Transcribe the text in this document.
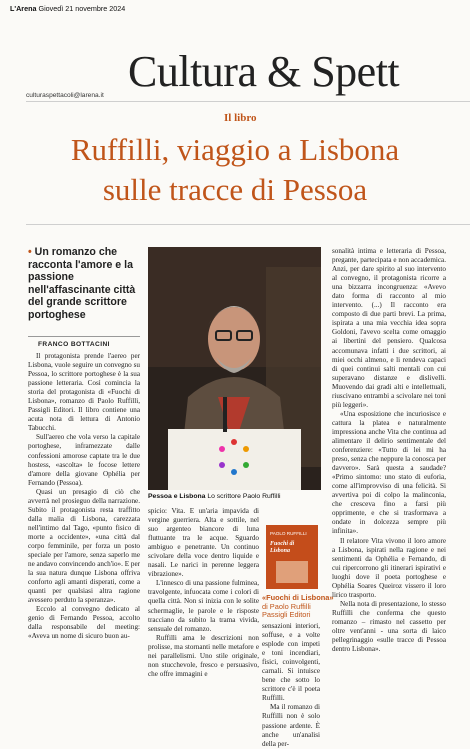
L'Arena Giovedì 21 novembre 2024
Cultura & Spett
culturaspettacoli@larena.it
Il libro
Ruffilli, viaggio a Lisbona
sulle tracce di Pessoa
• Un romanzo che racconta l'amore e la passione nell'affascinante città del grande scrittore portoghese
FRANCO BOTTACINI

Il protagonista prende l'aereo per Lisbona, vuole seguire un convegno su Pessoa, lo scrittore portoghese è la sua passione letteraria. Così comincia la storia del protagonista di «Fuochi di Lisbona», romanzo di Paolo Ruffilli, Passigli Editori. Il libro contiene una acuta nota di lettura di Antonio Tabucchi.

Sull'aereo che vola verso la capitale portoghese, inframezzate dalle confessioni amorose captate tra le due hostess, «ascolta» le focose lettere d'amore della giovane Ophélia per Fernando (Pessoa).

Quasi un presagio di ciò che avverrà nel prosieguo della narrazione. Subito il protagonista resta traffitto dalla malia di Lisbona, carezzata nell'intimo dal Tago, «punto fisico di morte a occidente», «una città dal corpo femminile, per forza un posto speciale per l'amore, senza saperlo me ne andavo convincendo anch'io». E per la sua natura dunque Lisbona offriva conforto agli amanti disperati, come a quanti per qualsiasi altra ragione avessero perduto la speranza».

Eccolo al convegno dedicato al genio di Fernando Pessoa, accolto dalla responsabile del meeting: «Aveva un nome di sicuro buon au-

Pessoa e Lisbona Lo scrittore Paolo Ruffilli

spicio: Vita. E un'aria impavida di vergine guerriera. Alta e sottile, nel suo argenteo biancore di luna fluttuante tra le acque. Sguardo ambiguo e penetrante. Un continuo scivolare della voce dentro liquide e nasali. Le narici in perenne leggera vibrazione».

L'innesco di una passione fulminea, travolgente, infuocata come i colori di quella città. Non si inizia con le solite schermaglie, le parole e le risposte tracciano da subito la trama vivida, sensuale del romanzo.

Ruffilli ama le descrizioni non prolisse, ma stornanti nelle metafore e nei parallelismi. Uno stile originale, non stucchevole, fresco e persuasivo, che offre immagini e

PAOLO RUFFILLI
Fuochi di Lisbona
«Fuochi di Lisbona»
di Paolo Ruffilli
Passigli Editori

sensazioni interiori, soffuse, e a volte esplode con impeti e toni incendiari, fisici, coinvolgenti, carnali. Si intuisce bene che sotto lo scrittore c'è il poeta Ruffilli.

Ma il romanzo di Ruffilli non è solo passione ardente. È anche un'analisi della per-

sonalità intima e letteraria di Pessoa, pregante, partecipata e non accademica. Anzi, per dare spirito al suo intervento al convegno, il protagonista ricorre a una bizzarra incongruenza: «Avevo dato forma di racconto al mio intervento. (...) Il racconto era composto di due parti brevi. La prima, ispirata a una mia vecchia idea sopra Goldoni, l'avevo scelta come omaggio ai libertini del pensiero. Qualcosa accomunava infatti i due scrittori, ai miei occhi almeno, e li rendeva capaci di quei continui salti mentali con cui superavano distanze e dislivelli. Muovendo dai gradi alti e intellettuali, riuscivano entrambi a scivolare nei toni più leggeri».

«Una esposizione che incuriosisce e cattura la platea e naturalmente impressiona anche Vita che continua ad alimentare il delirio sentimentale del conferenziere: «Tutto di lei mi ha preso, senza che neppure la conosca per davvero». Sarà questa a saudade? «Primo sintomo: uno stato di euforia, come all'improvviso di una felicità. Si avvertiva poi di colpo la malinconia, che cresceva fino a farsi più opprimente, e che si trasformava a ondate in dolcezza sempre più infinita».

Il relatore Vita vivono il loro amore a Lisbona, ispirati nella ragione e nei sentimenti da Ophélia e Fernando, di cui ripercorrono gli itinerari ispirativi e luoghi dove il poeta portoghese e Ophélia Soares Queiroz vissero il loro lirico trasporto.

Nella nota di presentazione, lo stesso Ruffilli che conferma che questo romanzo – rimasto nel cassetto per oltre vent'anni - una sorta di laico pellegrinaggio «sulle tracce di Pessoa dentro Lisbona».
